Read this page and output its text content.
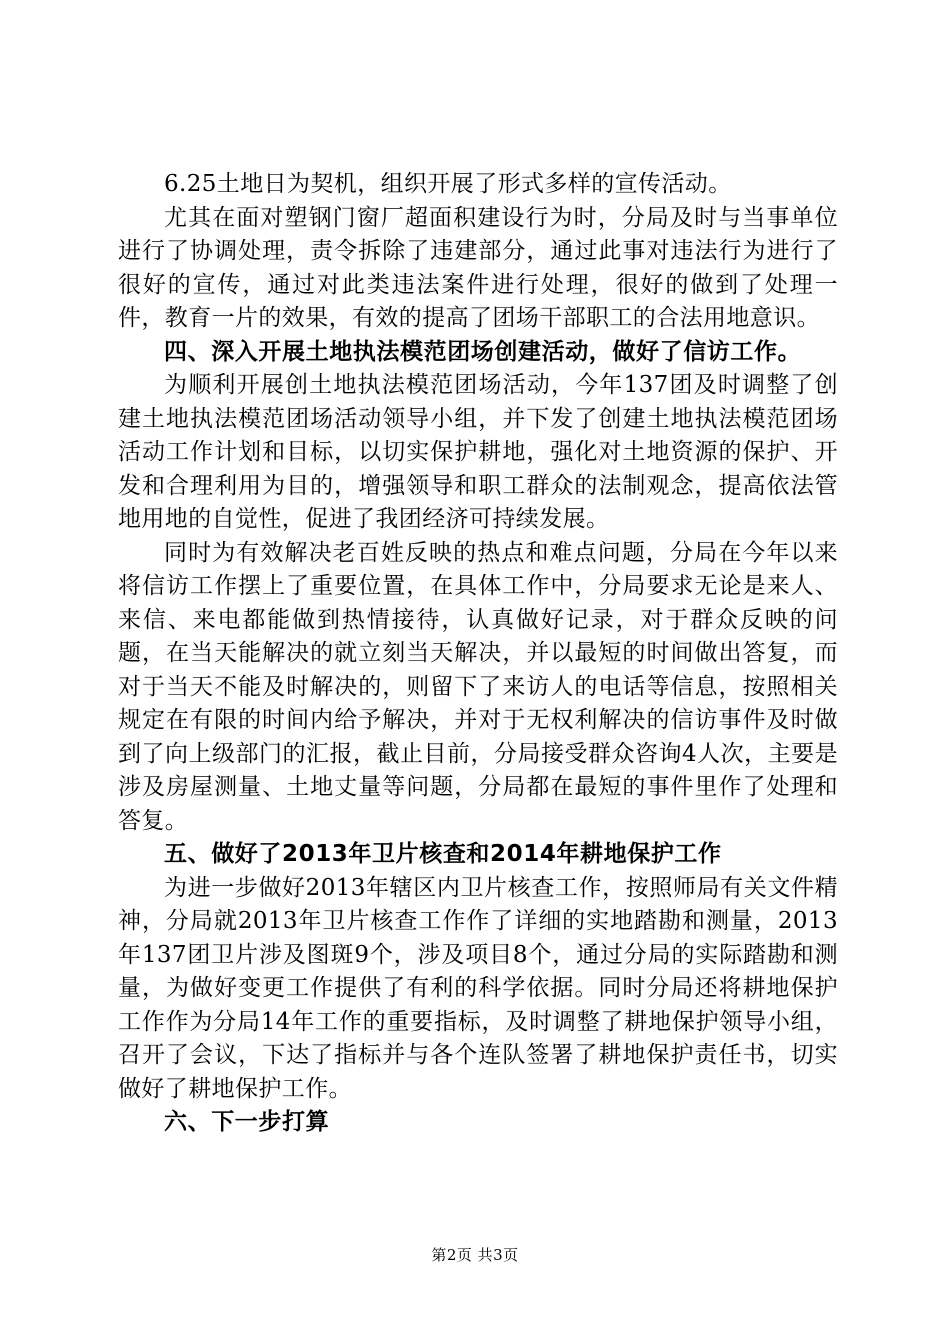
6.25土地日为契机，组织开展了形式多样的宣传活动。

尤其在面对塑钢门窗厂超面积建设行为时，分局及时与当事单位进行了协调处理，责令拆除了违建部分，通过此事对违法行为进行了很好的宣传，通过对此类违法案件进行处理，很好的做到了处理一件，教育一片的效果，有效的提高了团场干部职工的合法用地意识。

四、深入开展土地执法模范团场创建活动，做好了信访工作。

为顺利开展创土地执法模范团场活动，今年137团及时调整了创建土地执法模范团场活动领导小组，并下发了创建土地执法模范团场活动工作计划和目标，以切实保护耕地，强化对土地资源的保护、开发和合理利用为目的，增强领导和职工群众的法制观念，提高依法管地用地的自觉性，促进了我团经济可持续发展。

同时为有效解决老百姓反映的热点和难点问题，分局在今年以来将信访工作摆上了重要位置，在具体工作中，分局要求无论是来人、来信、来电都能做到热情接待，认真做好记录，对于群众反映的问题，在当天能解决的就立刻当天解决，并以最短的时间做出答复，而对于当天不能及时解决的，则留下了来访人的电话等信息，按照相关规定在有限的时间内给予解决，并对于无权利解决的信访事件及时做到了向上级部门的汇报，截止目前，分局接受群众咨询4人次，主要是涉及房屋测量、土地丈量等问题，分局都在最短的事件里作了处理和答复。

五、做好了2013年卫片核查和2014年耕地保护工作

为进一步做好2013年辖区内卫片核查工作，按照师局有关文件精神，分局就2013年卫片核查工作作了详细的实地踏勘和测量，2013年137团卫片涉及图斑9个，涉及项目8个，通过分局的实际踏勘和测量，为做好变更工作提供了有利的科学依据。同时分局还将耕地保护工作作为分局14年工作的重要指标，及时调整了耕地保护领导小组，召开了会议，下达了指标并与各个连队签署了耕地保护责任书，切实做好了耕地保护工作。

六、下一步打算

第2页 共3页
